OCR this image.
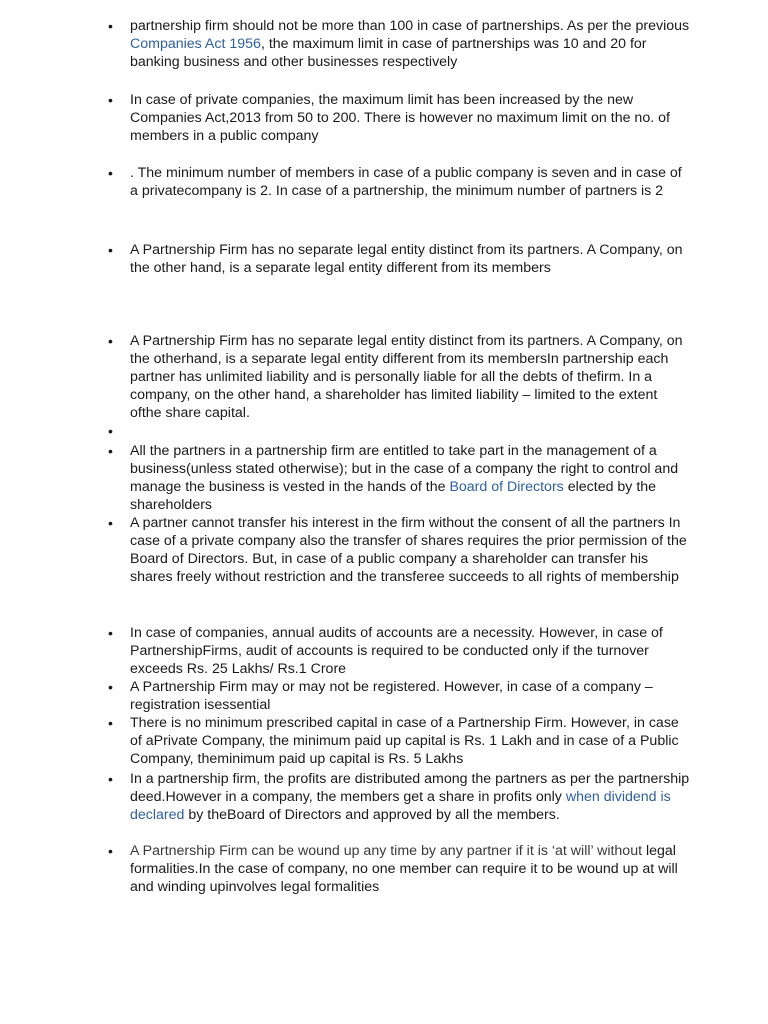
• partnership firm should not be more than 100 in case of partnerships. As per the previous Companies Act 1956, the maximum limit in case of partnerships was 10 and 20 for banking business and other businesses respectively
• In case of private companies, the maximum limit has been increased by the new Companies Act,2013 from 50 to 200. There is however no maximum limit on the no. of members in a public company
• . The minimum number of members in case of a public company is seven and in case of a privatecompany is 2. In case of a partnership, the minimum number of partners is 2
• A Partnership Firm has no separate legal entity distinct from its partners. A Company, on the other hand, is a separate legal entity different from its members
• A Partnership Firm has no separate legal entity distinct from its partners. A Company, on the otherhand, is a separate legal entity different from its membersIn partnership each partner has unlimited liability and is personally liable for all the debts of thefirm. In a company, on the other hand, a shareholder has limited liability – limited to the extent ofthe share capital.
• All the partners in a partnership firm are entitled to take part in the management of a business(unless stated otherwise); but in the case of a company the right to control and manage the business is vested in the hands of the Board of Directors elected by the shareholders
• A partner cannot transfer his interest in the firm without the consent of all the partners In case of a private company also the transfer of shares requires the prior permission of the Board of Directors. But, in case of a public company a shareholder can transfer his shares freely without restriction and the transferee succeeds to all rights of membership
• In case of companies, annual audits of accounts are a necessity. However, in case of PartnershipFirms, audit of accounts is required to be conducted only if the turnover exceeds Rs. 25 Lakhs/ Rs.1 Crore
• A Partnership Firm may or may not be registered. However, in case of a company – registration isessential
• There is no minimum prescribed capital in case of a Partnership Firm. However, in case of aPrivate Company, the minimum paid up capital is Rs. 1 Lakh and in case of a Public Company, theminimum paid up capital is Rs. 5 Lakhs
• In a partnership firm, the profits are distributed among the partners as per the partnership deed.However in a company, the members get a share in profits only when dividend is declared by theBoard of Directors and approved by all the members.
• A Partnership Firm can be wound up any time by any partner if it is ‘at will’ without legal formalities.In the case of company, no one member can require it to be wound up at will and winding upinvolves legal formalities
